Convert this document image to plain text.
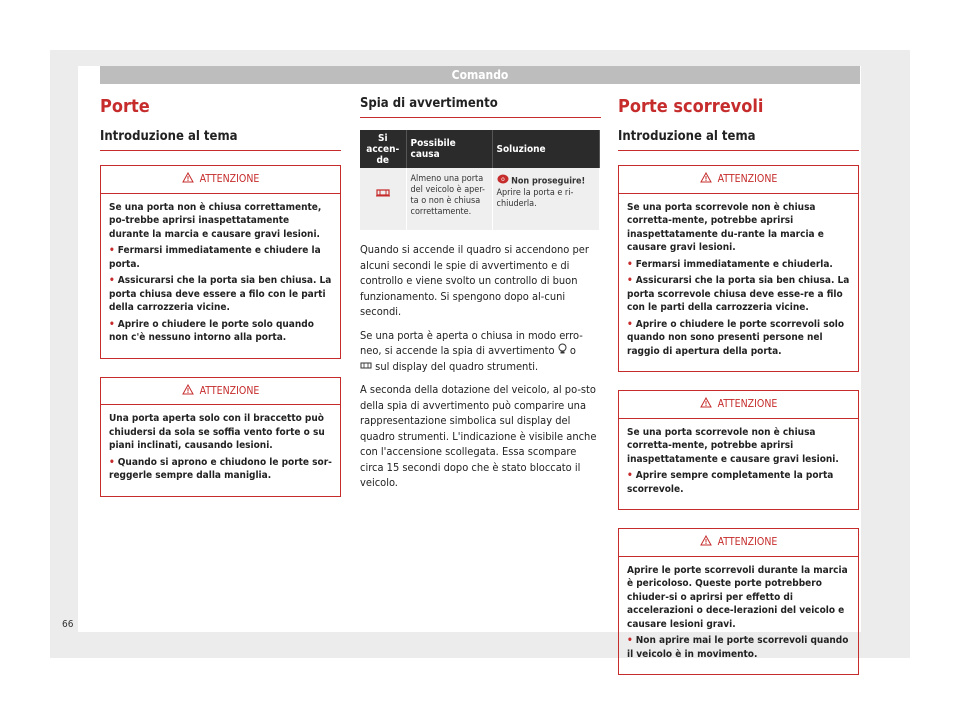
Comando
Porte
Introduzione al tema
ATTENZIONE

Se una porta non è chiusa correttamente, po-trebbe aprirsi inaspettatamente durante la marcia e causare gravi lesioni.

• Fermarsi immediatamente e chiudere la porta.

• Assicurarsi che la porta sia ben chiusa. La porta chiusa deve essere a filo con le parti della carrozzeria vicine.

• Aprire o chiudere le porte solo quando non c'è nessuno intorno alla porta.

ATTENZIONE

Una porta aperta solo con il braccetto può chiudersi da sola se soffia vento forte o su piani inclinati, causando lesioni.

• Quando si aprono e chiudono le porte sor-reggerle sempre dalla maniglia.

Spia di avvertimento
Si accen-de	Possibile causa	Soluzione
	Almeno una porta del veicolo è aper-ta o non è chiusa correttamente.	o Non proseguire!
Aprire la porta e ri-chiuderla.

Quando si accende il quadro si accendono per alcuni secondi le spie di avvertimento e di controllo e viene svolto un controllo di buon funzionamento. Si spengono dopo al-cuni secondi.

Se una porta è aperta o chiusa in modo erro-neo, si accende la spia di avvertimento o
sul display del quadro strumenti.

A seconda della dotazione del veicolo, al po-sto della spia di avvertimento può comparire una rappresentazione simbolica sul display del quadro strumenti. L'indicazione è visibile anche con l'accensione scollegata. Essa scompare circa 15 secondi dopo che è stato bloccato il veicolo.

Porte scorrevoli
Introduzione al tema
ATTENZIONE

Se una porta scorrevole non è chiusa corretta-mente, potrebbe aprirsi inaspettatamente du-rante la marcia e causare gravi lesioni.

• Fermarsi immediatamente e chiuderla.

• Assicurarsi che la porta sia ben chiusa. La porta scorrevole chiusa deve esse-re a filo con le parti della carrozzeria vicine.

• Aprire o chiudere le porte scorrevoli solo quando non sono presenti persone nel raggio di apertura della porta.

ATTENZIONE

Se una porta scorrevole non è chiusa corretta-mente, potrebbe aprirsi inaspettatamente e causare gravi lesioni.

• Aprire sempre completamente la porta scorrevole.

ATTENZIONE

Aprire le porte scorrevoli durante la marcia è pericoloso. Queste porte potrebbero chiuder-si o aprirsi per effetto di accelerazioni o dece-lerazioni del veicolo e causare lesioni gravi.

• Non aprire mai le porte scorrevoli quando il veicolo è in movimento.

66
